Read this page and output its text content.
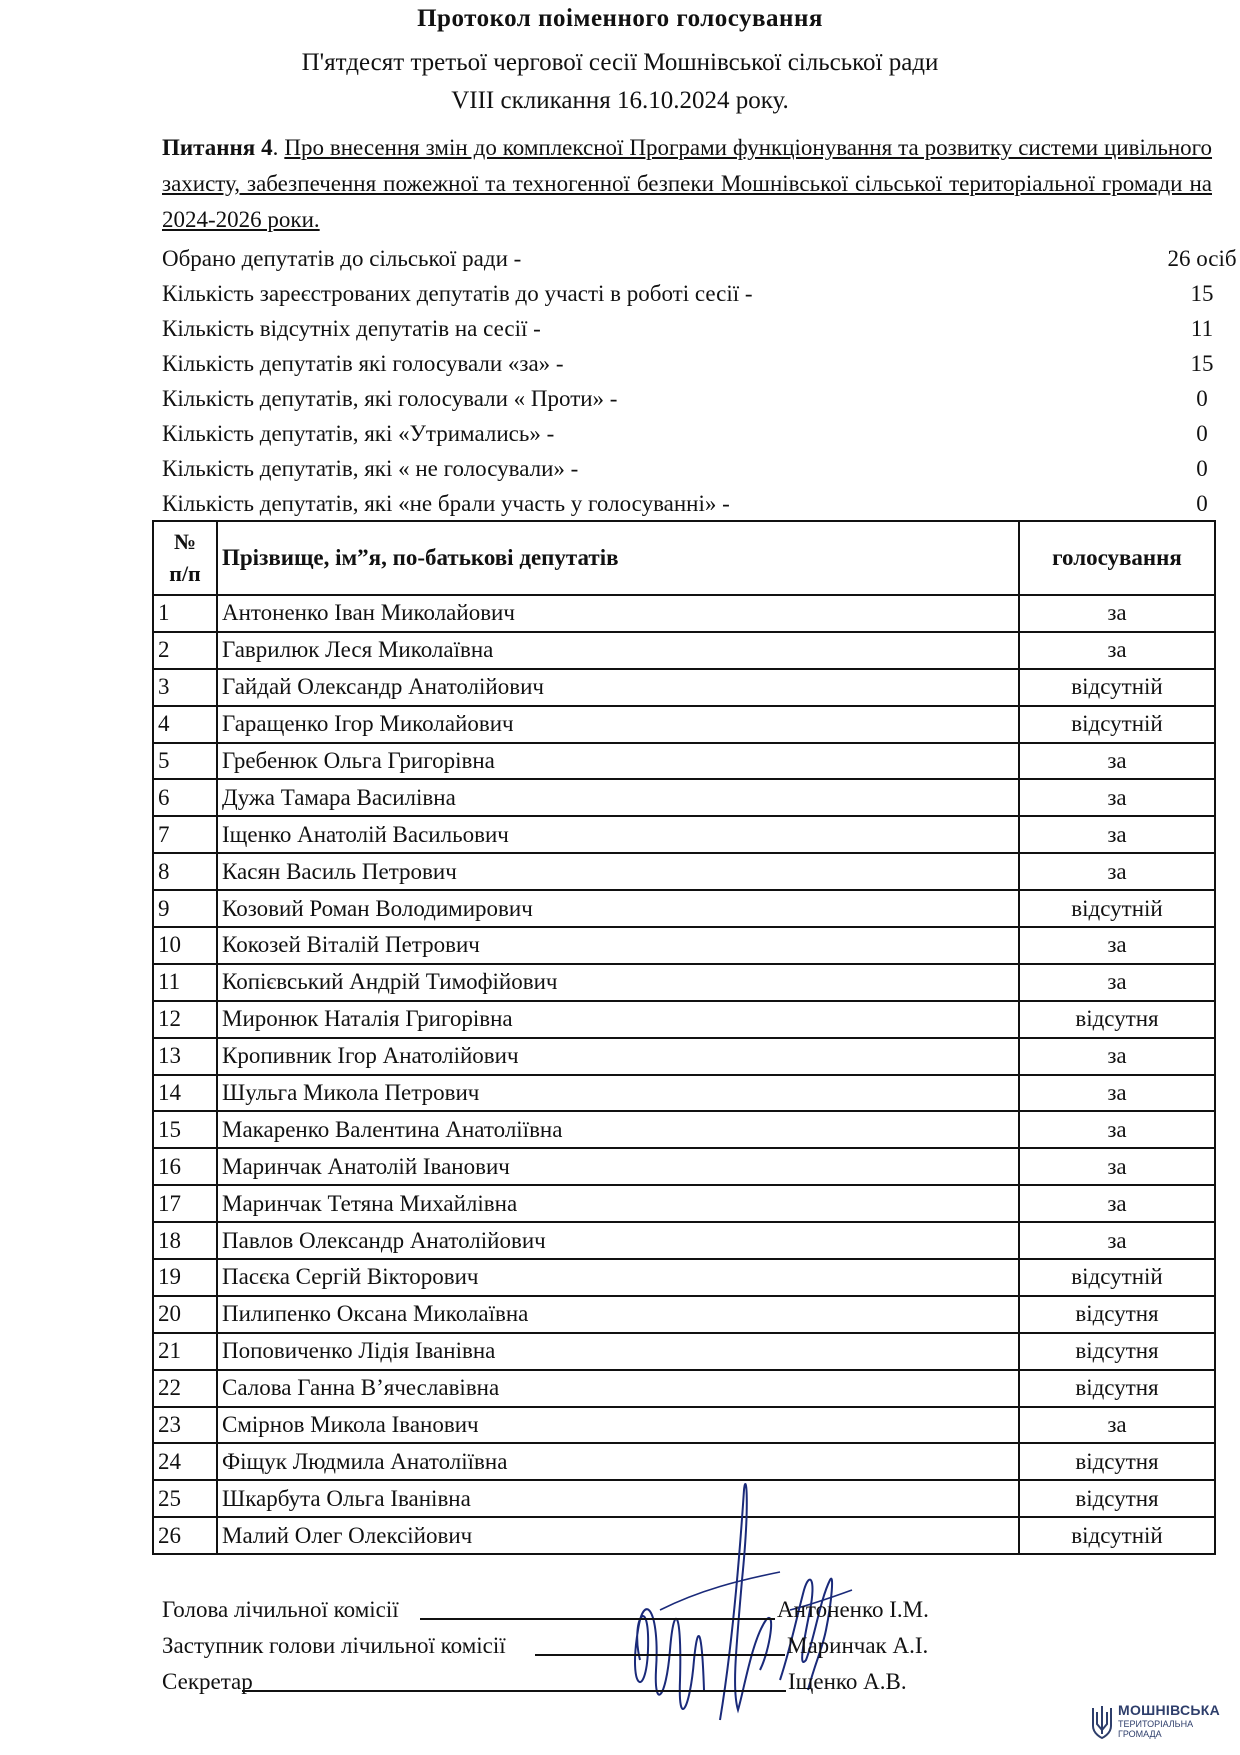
Протокол поіменного голосування
П'ятдесят третьої чергової сесії Мошнівської сільської ради
VIII скликання 16.10.2024 року.
Питання 4. Про внесення змін до комплексної Програми функціонування та розвитку системи цивільного захисту, забезпечення пожежної та техногенної безпеки Мошнівської сільської територіальної громади на 2024-2026 роки.
Обрано депутатів до сільської ради -	26 осіб
Кількість зареєстрованих депутатів до участі в роботі сесії -	15
Кількість відсутніх депутатів на сесії -	11
Кількість депутатів які голосували «за» -	15
Кількість депутатів, які голосували « Проти» -	0
Кількість депутатів, які «Утримались» -	0
Кількість депутатів, які « не голосували» -	0
Кількість депутатів, які «не брали участь у голосуванні» -	0
№
п/п	Прізвище, ім”я, по-батькові депутатів	голосування
1	Антоненко Іван Миколайович	за
2	Гаврилюк Леся Миколаївна	за
3	Гайдай Олександр Анатолійович	відсутній
4	Гаращенко Ігор Миколайович	відсутній
5	Гребенюк Ольга Григорівна	за
6	Дужа Тамара Василівна	за
7	Іщенко Анатолій Васильович	за
8	Касян Василь Петрович	за
9	Козовий Роман Володимирович	відсутній
10	Кокозей Віталій Петрович	за
11	Копієвський Андрій Тимофійович	за
12	Миронюк Наталія Григорівна	відсутня
13	Кропивник Ігор Анатолійович	за
14	Шульга Микола Петрович	за
15	Макаренко Валентина Анатоліївна	за
16	Маринчак Анатолій Іванович	за
17	Маринчак Тетяна Михайлівна	за
18	Павлов Олександр Анатолійович	за
19	Пасєка Сергій Вікторович	відсутній
20	Пилипенко Оксана Миколаївна	відсутня
21	Поповиченко Лідія Іванівна	відсутня
22	Салова Ганна В’ячеславівна	відсутня
23	Смірнов Микола Іванович	за
24	Фіщук Людмила Анатоліївна	відсутня
25	Шкарбута Ольга Іванівна	відсутня
26	Малий Олег Олексійович	відсутній
Голова лічильної комісії	Антоненко І.М.
Заступник голови лічильної комісії	Маринчак А.І.
Секретар	Іщенко А.В.
МОШНІВСЬКА
ТЕРИТОРІАЛЬНА
ГРОМАДА
